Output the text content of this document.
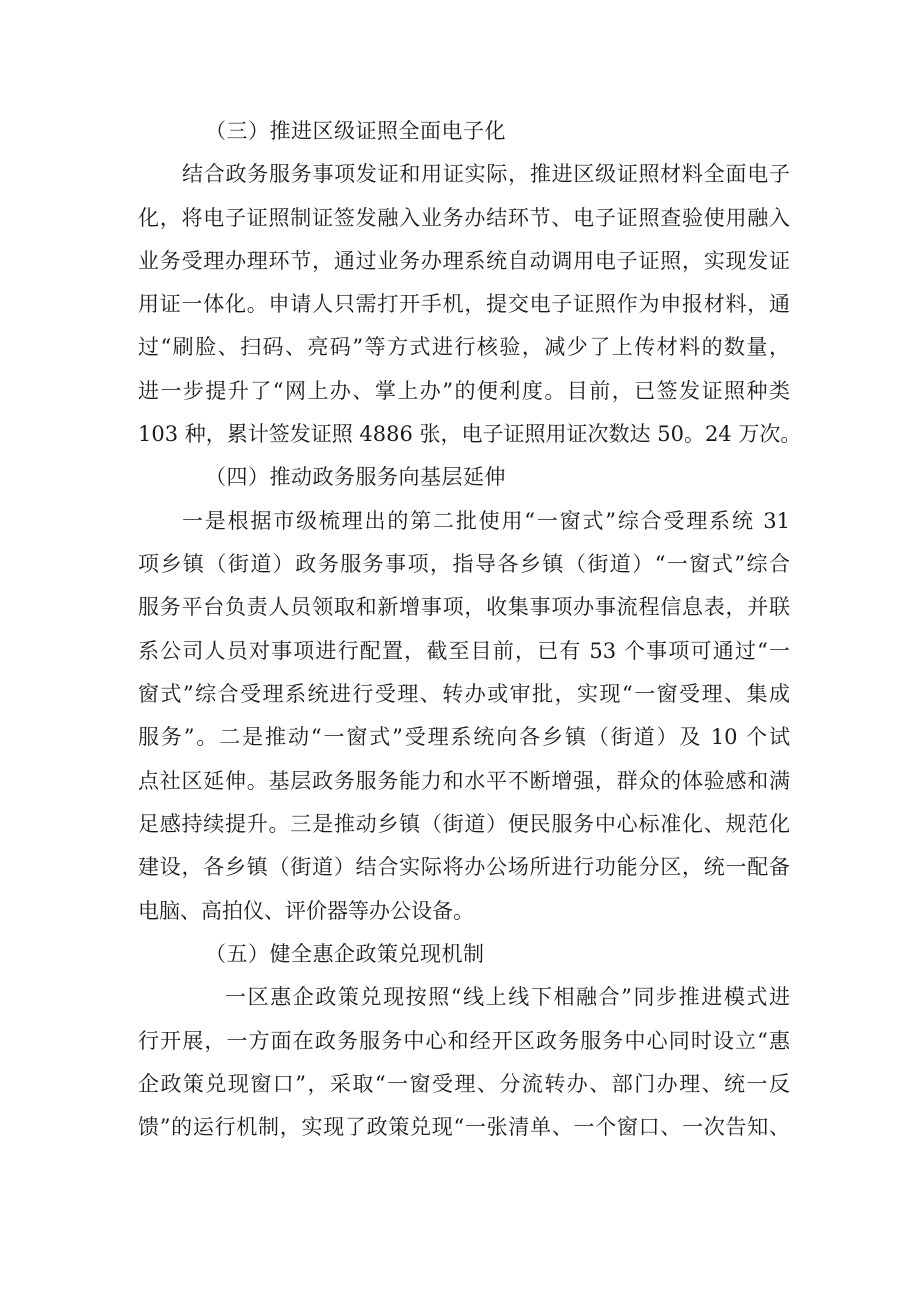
（三）推进区级证照全面电子化

结合政务服务事项发证和用证实际，推进区级证照材料全面电子

化，将电子证照制证签发融入业务办结环节、电子证照查验使用融入

业务受理办理环节，通过业务办理系统自动调用电子证照，实现发证

用证一体化。申请人只需打开手机，提交电子证照作为申报材料，通

过“刷脸、扫码、亮码”等方式进行核验，减少了上传材料的数量，

进一步提升了“网上办、掌上办”的便利度。目前，已签发证照种类

103 种，累计签发证照 4886 张，电子证照用证次数达 50。24 万次。

（四）推动政务服务向基层延伸

一是根据市级梳理出的第二批使用“一窗式”综合受理系统 31

项乡镇（街道）政务服务事项，指导各乡镇（街道）“一窗式”综合

服务平台负责人员领取和新增事项，收集事项办事流程信息表，并联

系公司人员对事项进行配置，截至目前，已有 53 个事项可通过“一

窗式”综合受理系统进行受理、转办或审批，实现“一窗受理、集成

服务”。二是推动“一窗式”受理系统向各乡镇（街道）及 10 个试

点社区延伸。基层政务服务能力和水平不断增强，群众的体验感和满

足感持续提升。三是推动乡镇（街道）便民服务中心标准化、规范化

建设，各乡镇（街道）结合实际将办公场所进行功能分区，统一配备

电脑、高拍仪、评价器等办公设备。

（五）健全惠企政策兑现机制

一区惠企政策兑现按照“线上线下相融合”同步推进模式进

行开展，一方面在政务服务中心和经开区政务服务中心同时设立“惠

企政策兑现窗口”，采取“一窗受理、分流转办、部门办理、统一反

馈”的运行机制，实现了政策兑现“一张清单、一个窗口、一次告知、
